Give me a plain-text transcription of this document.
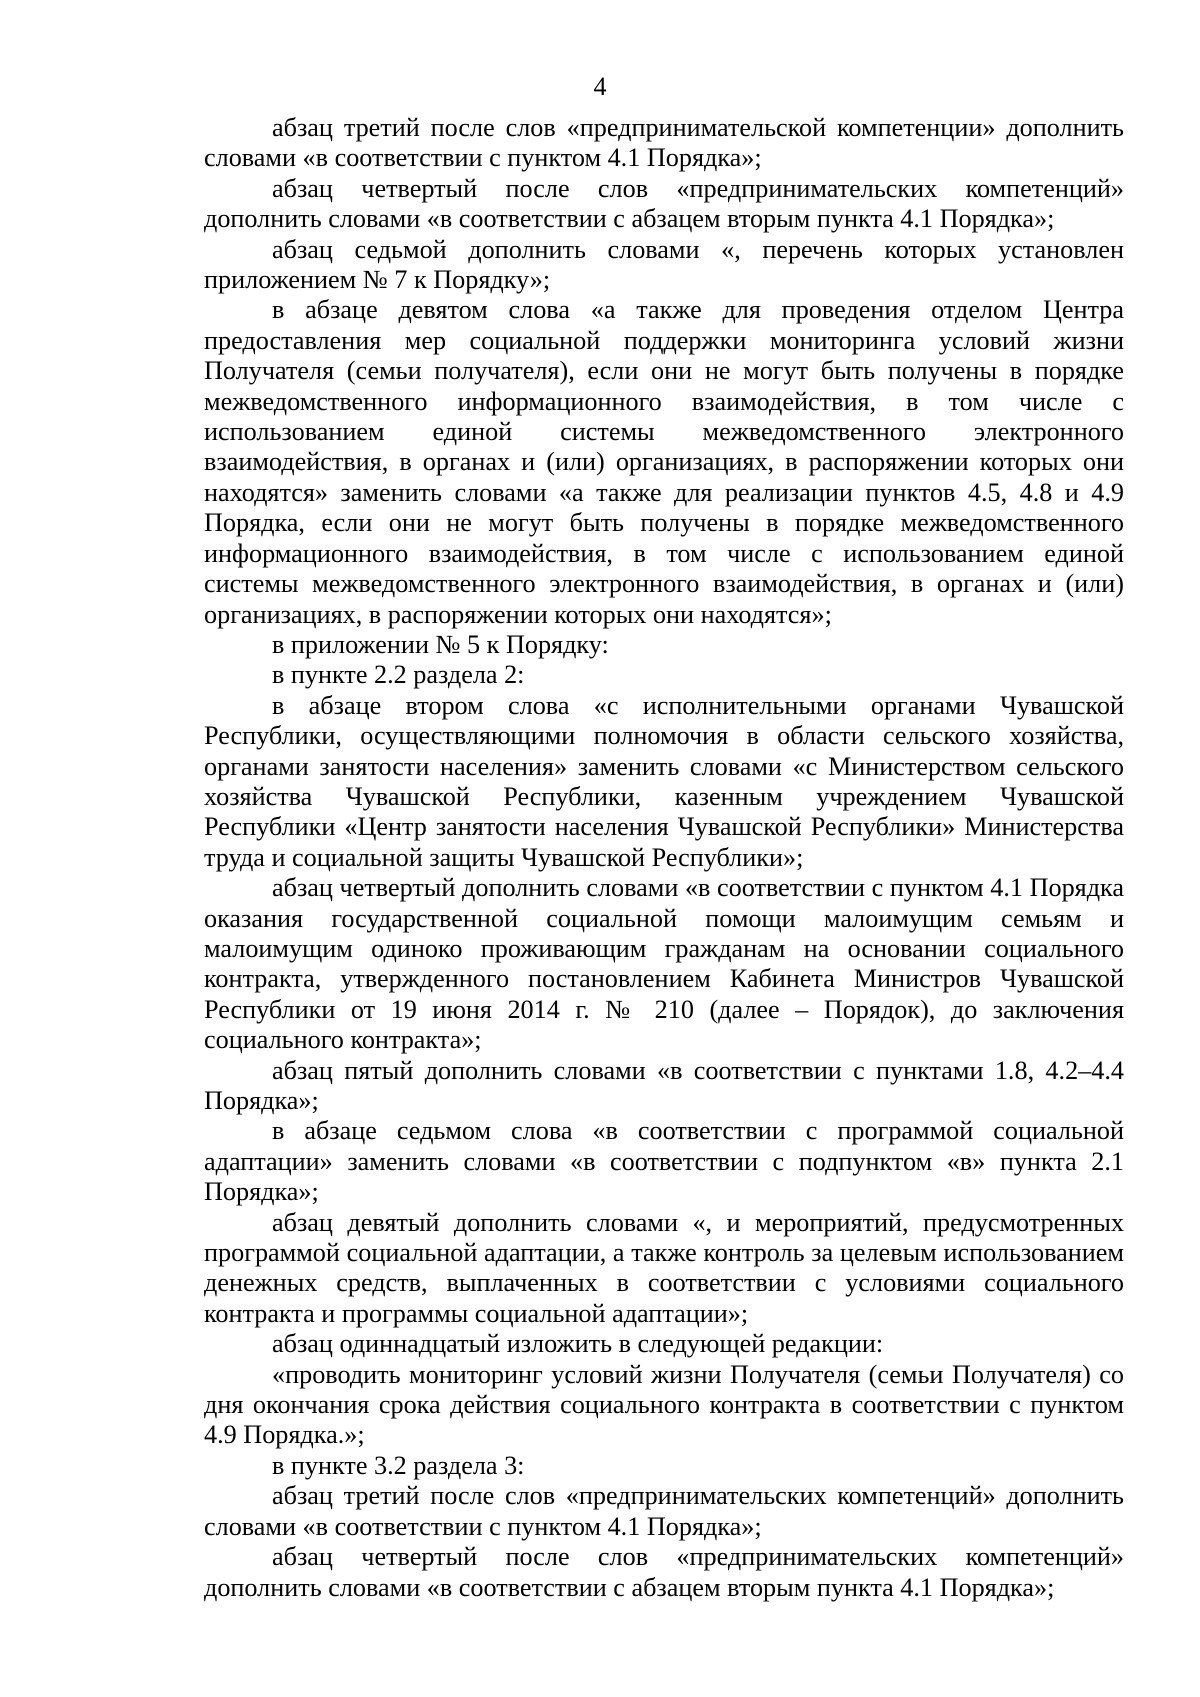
4

абзац третий после слов «предпринимательской компетенции» дополнить словами «в соответствии с пунктом 4.1 Порядка»;

абзац четвертый после слов «предпринимательских компетенций» дополнить словами «в соответствии с абзацем вторым пункта 4.1 Порядка»;

абзац седьмой дополнить словами «, перечень которых установлен приложением № 7 к Порядку»;

в абзаце девятом слова «а также для проведения отделом Центра предоставления мер социальной поддержки мониторинга условий жизни Получателя (семьи получателя), если они не могут быть получены в порядке межведомственного информационного взаимодействия, в том числе с использованием единой системы межведомственного электронного взаимодействия, в органах и (или) организациях, в распоряжении которых они находятся» заменить словами «а также для реализации пунктов 4.5, 4.8 и 4.9 Порядка, если они не могут быть получены в порядке межведомственного информационного взаимодействия, в том числе с использованием единой системы межведомственного электронного взаимодействия, в органах и (или) организациях, в распоряжении которых они находятся»;

в приложении № 5 к Порядку:

в пункте 2.2 раздела 2:

в абзаце втором слова «с исполнительными органами Чувашской Республики, осуществляющими полномочия в области сельского хозяйства, органами занятости населения» заменить словами «с Министерством сельского хозяйства Чувашской Республики, казенным учреждением Чувашской Республики «Центр занятости населения Чувашской Республики» Министерства труда и социальной защиты Чувашской Республики»;

абзац четвертый дополнить словами «в соответствии с пунктом 4.1 Порядка оказания государственной социальной помощи малоимущим семьям и малоимущим одиноко проживающим гражданам на основании социального контракта, утвержденного постановлением Кабинета Министров Чувашской Республики от 19 июня 2014 г. № 210 (далее – Порядок), до заключения социального контракта»;

абзац пятый дополнить словами «в соответствии с пунктами 1.8, 4.2–4.4 Порядка»;

в абзаце седьмом слова «в соответствии с программой социальной адаптации» заменить словами «в соответствии с подпунктом «в» пункта 2.1 Порядка»;

абзац девятый дополнить словами «, и мероприятий, предусмотренных программой социальной адаптации, а также контроль за целевым использованием денежных средств, выплаченных в соответствии с условиями социального контракта и программы социальной адаптации»;

абзац одиннадцатый изложить в следующей редакции:

«проводить мониторинг условий жизни Получателя (семьи Получателя) со дня окончания срока действия социального контракта в соответствии с пунктом 4.9 Порядка.»;

в пункте 3.2 раздела 3:

абзац третий после слов «предпринимательских компетенций» дополнить словами «в соответствии с пунктом 4.1 Порядка»;

абзац четвертый после слов «предпринимательских компетенций» дополнить словами «в соответствии с абзацем вторым пункта 4.1 Порядка»;
